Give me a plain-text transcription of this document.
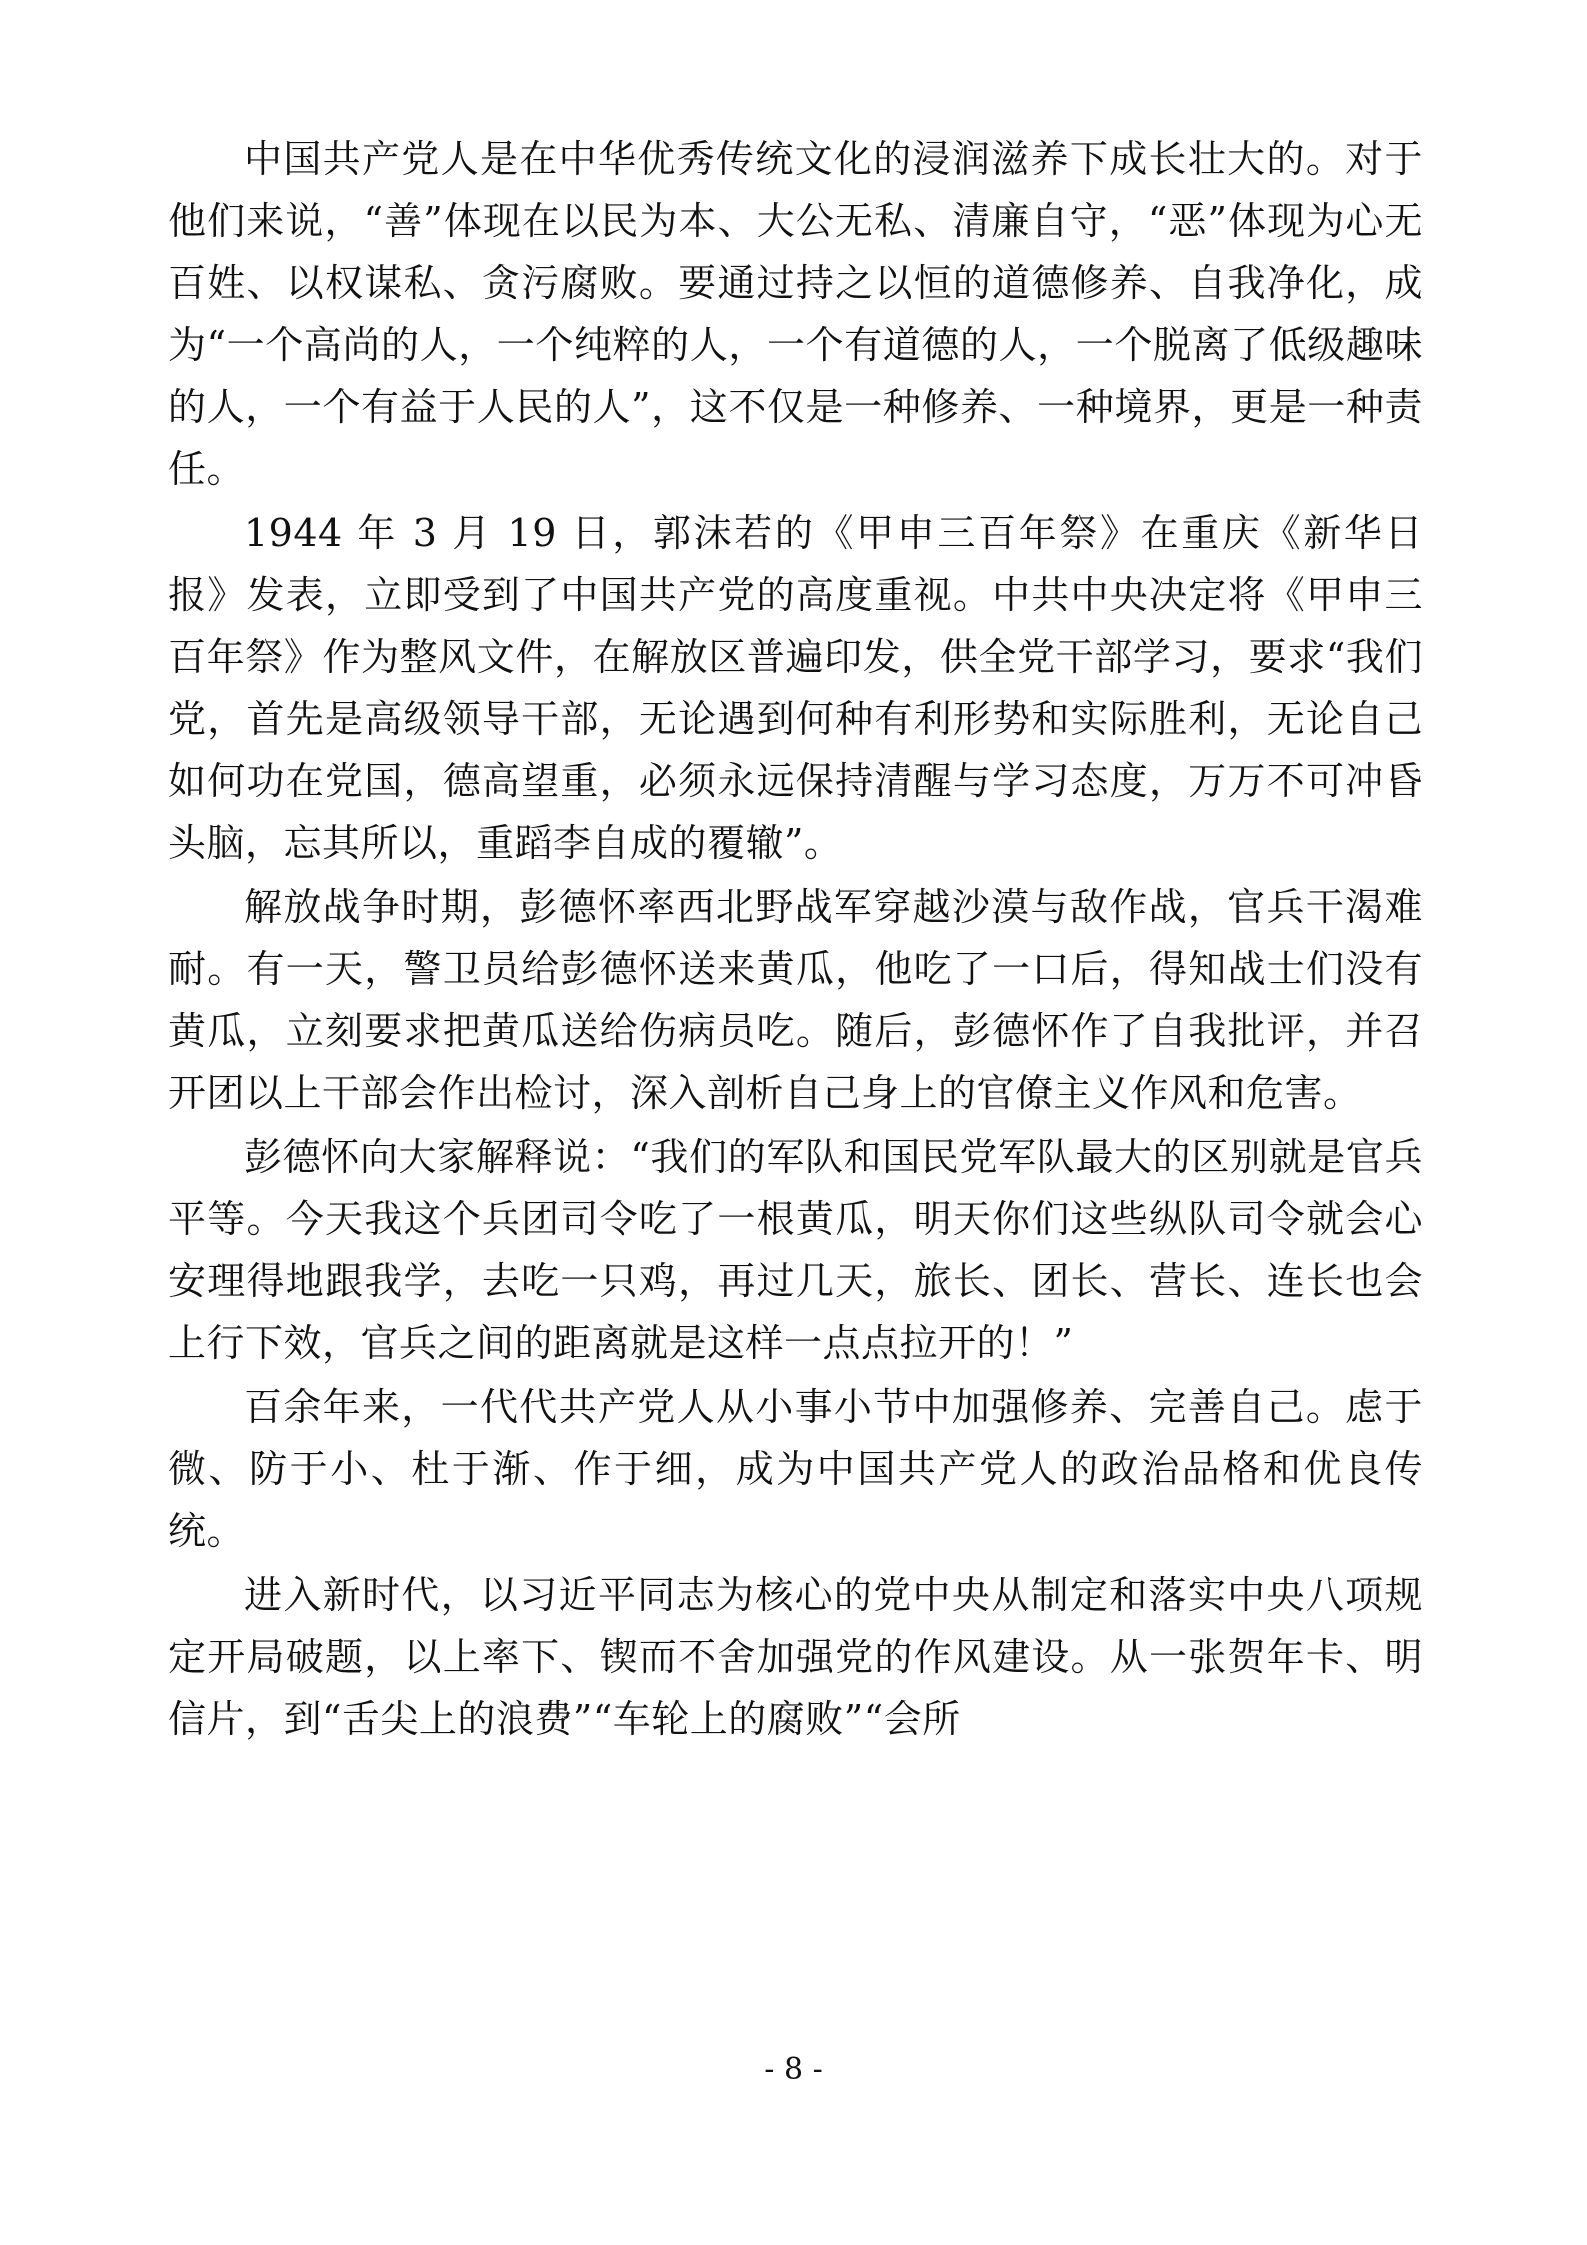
中国共产党人是在中华优秀传统文化的浸润滋养下成长壮大的。对于他们来说，“善”体现在以民为本、大公无私、清廉自守，“恶”体现为心无百姓、以权谋私、贪污腐败。要通过持之以恒的道德修养、自我净化，成为“一个高尚的人，一个纯粹的人，一个有道德的人，一个脱离了低级趣味的人，一个有益于人民的人”，这不仅是一种修养、一种境界，更是一种责任。

1944 年 3 月 19 日，郭沫若的《甲申三百年祭》在重庆《新华日报》发表，立即受到了中国共产党的高度重视。中共中央决定将《甲申三百年祭》作为整风文件，在解放区普遍印发，供全党干部学习，要求“我们党，首先是高级领导干部，无论遇到何种有利形势和实际胜利，无论自己如何功在党国，德高望重，必须永远保持清醒与学习态度，万万不可冲昏头脑，忘其所以，重蹈李自成的覆辙”。

解放战争时期，彭德怀率西北野战军穿越沙漠与敌作战，官兵干渴难耐。有一天，警卫员给彭德怀送来黄瓜，他吃了一口后，得知战士们没有黄瓜，立刻要求把黄瓜送给伤病员吃。随后，彭德怀作了自我批评，并召开团以上干部会作出检讨，深入剖析自己身上的官僚主义作风和危害。

彭德怀向大家解释说：“我们的军队和国民党军队最大的区别就是官兵平等。今天我这个兵团司令吃了一根黄瓜，明天你们这些纵队司令就会心安理得地跟我学，去吃一只鸡，再过几天，旅长、团长、营长、连长也会上行下效，官兵之间的距离就是这样一点点拉开的！”

百余年来，一代代共产党人从小事小节中加强修养、完善自己。虑于微、防于小、杜于渐、作于细，成为中国共产党人的政治品格和优良传统。

进入新时代，以习近平同志为核心的党中央从制定和落实中央八项规定开局破题，以上率下、锲而不舍加强党的作风建设。从一张贺年卡、明信片，到“舌尖上的浪费”“车轮上的腐败”“会所

- 8 -
